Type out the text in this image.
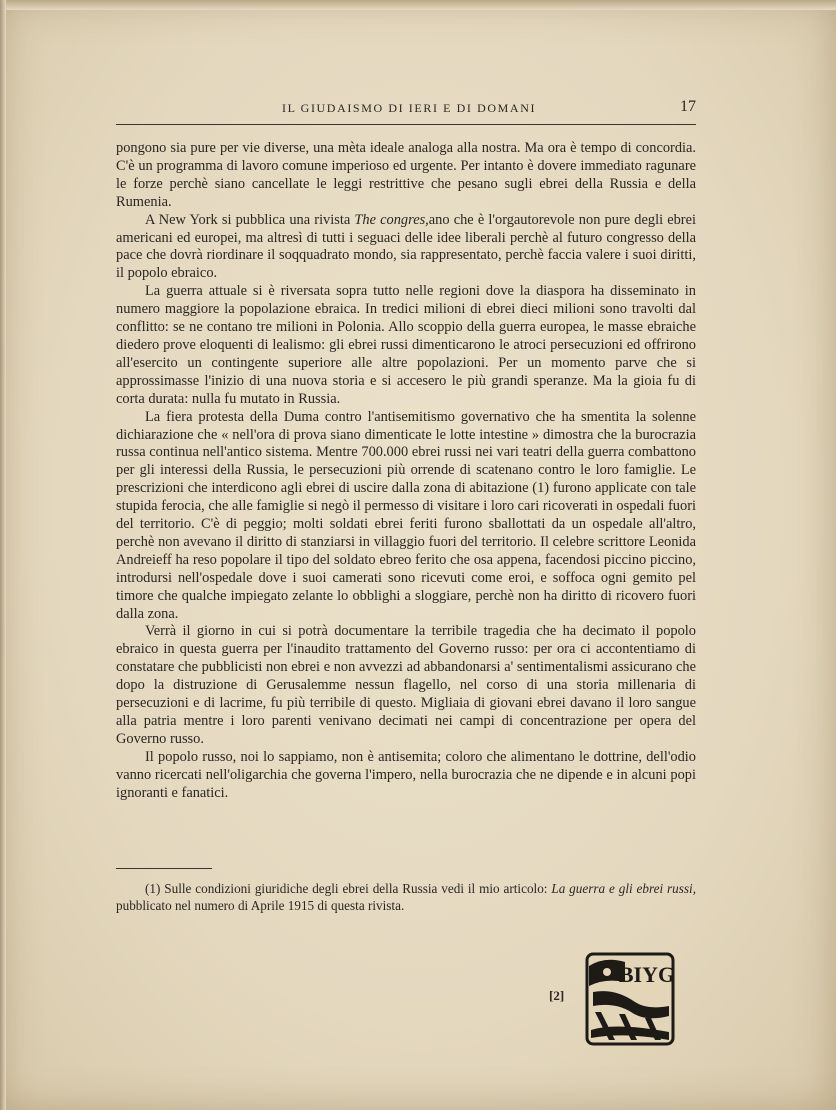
IL GIUDAISMO DI IERI E DI DOMANI	17

pongono sia pure per vie diverse, una mèta ideale analoga alla nostra. Ma ora è tempo di concordia. C'è un programma di lavoro comune imperioso ed urgente. Per intanto è dovere immediato ragunare le forze perchè siano cancellate le leggi restrittive che pesano sugli ebrei della Russia e della Rumenia.

A New York si pubblica una rivista The congres,ano che è l'orgautorevole non pure degli ebrei americani ed europei, ma altresì di tutti i seguaci delle idee liberali perchè al futuro congresso della pace che dovrà riordinare il soqquadrato mondo, sia rappresentato, perchè faccia valere i suoi diritti, il popolo ebraico.

La guerra attuale si è riversata sopra tutto nelle regioni dove la diaspora ha disseminato in numero maggiore la popolazione ebraica. In tredici milioni di ebrei dieci milioni sono travolti dal conflitto: se ne contano tre milioni in Polonia. Allo scoppio della guerra europea, le masse ebraiche diedero prove eloquenti di lealismo: gli ebrei russi dimenticarono le atroci persecuzioni ed offrirono all'esercito un contingente superiore alle altre popolazioni. Per un momento parve che si approssimasse l'inizio di una nuova storia e si accesero le più grandi speranze. Ma la gioia fu di corta durata: nulla fu mutato in Russia.

La fiera protesta della Duma contro l'antisemitismo governativo che ha smentita la solenne dichiarazione che « nell'ora di prova siano dimenticate le lotte intestine » dimostra che la burocrazia russa continua nell'antico sistema. Mentre 700.000 ebrei russi nei vari teatri della guerra combattono per gli interessi della Russia, le persecuzioni più orrende di scatenano contro le loro famiglie. Le prescrizioni che interdicono agli ebrei di uscire dalla zona di abitazione (1) furono applicate con tale stupida ferocia, che alle famiglie si negò il permesso di visitare i loro cari ricoverati in ospedali fuori del territorio. C'è di peggio; molti soldati ebrei feriti furono sballottati da un ospedale all'altro, perchè non avevano il diritto di stanziarsi in villaggio fuori del territorio. Il celebre scrittore Leonida Andreieff ha reso popolare il tipo del soldato ebreo ferito che osa appena, facendosi piccino piccino, introdursi nell'ospedale dove i suoi camerati sono ricevuti come eroi, e soffoca ogni gemito pel timore che qualche impiegato zelante lo obblighi a sloggiare, perchè non ha diritto di ricovero fuori dalla zona.

Verrà il giorno in cui si potrà documentare la terribile tragedia che ha decimato il popolo ebraico in questa guerra per l'inaudito trattamento del Governo russo: per ora ci accontentiamo di constatare che pubblicisti non ebrei e non avvezzi ad abbandonarsi a' sentimentalismi assicurano che dopo la distruzione di Gerusalemme nessun flagello, nel corso di una storia millenaria di persecuzioni e di lacrime, fu più terribile di questo. Migliaia di giovani ebrei davano il loro sangue alla patria mentre i loro parenti venivano decimati nei campi di concentrazione per opera del Governo russo.

Il popolo russo, noi lo sappiamo, non è antisemita; coloro che alimentano le dottrine, dell'odio vanno ricercati nell'oligarchia che governa l'impero, nella burocrazia che ne dipende e in alcuni popi ignoranti e fanatici.

(1) Sulle condizioni giuridiche degli ebrei della Russia vedi il mio articolo: La guerra e gli ebrei russi, pubblicato nel numero di Aprile 1915 di questa rivista.
[2]
BIYG
